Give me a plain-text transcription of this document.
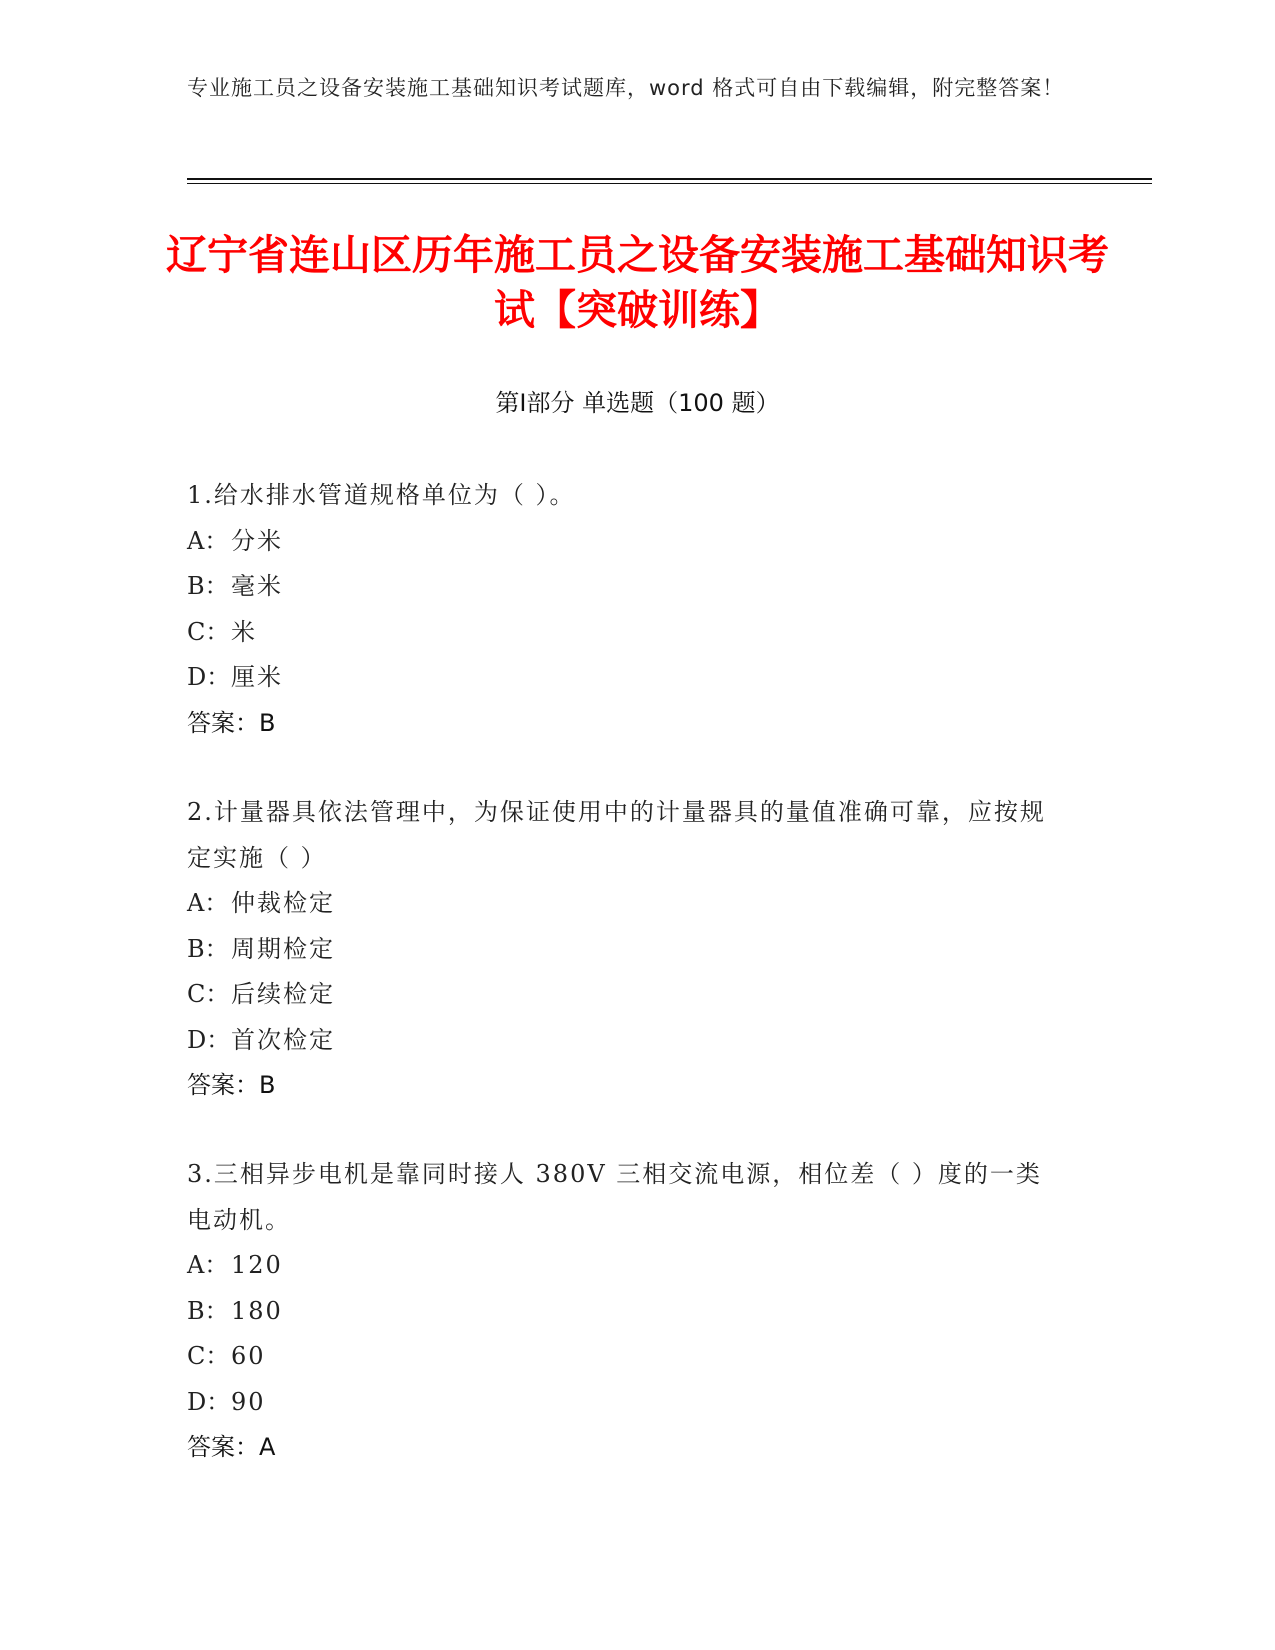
专业施工员之设备安装施工基础知识考试题库，word 格式可自由下载编辑，附完整答案！
辽宁省连山区历年施工员之设备安装施工基础知识考试【突破训练】
第Ⅰ部分 单选题（100 题）
1.给水排水管道规格单位为（ ）。
A： 分米
B：毫米
C：米
D：厘米
答案：B
2.计量器具依法管理中，为保证使用中的计量器具的量值准确可靠，应按规定实施（ ）
A： 仲裁检定
B：周期检定
C：后续检定
D：首次检定
答案：B
3.三相异步电机是靠同时接人 380V 三相交流电源，相位差（ ）度的一类电动机。
A： 120
B：180
C：60
D：90
答案：A
